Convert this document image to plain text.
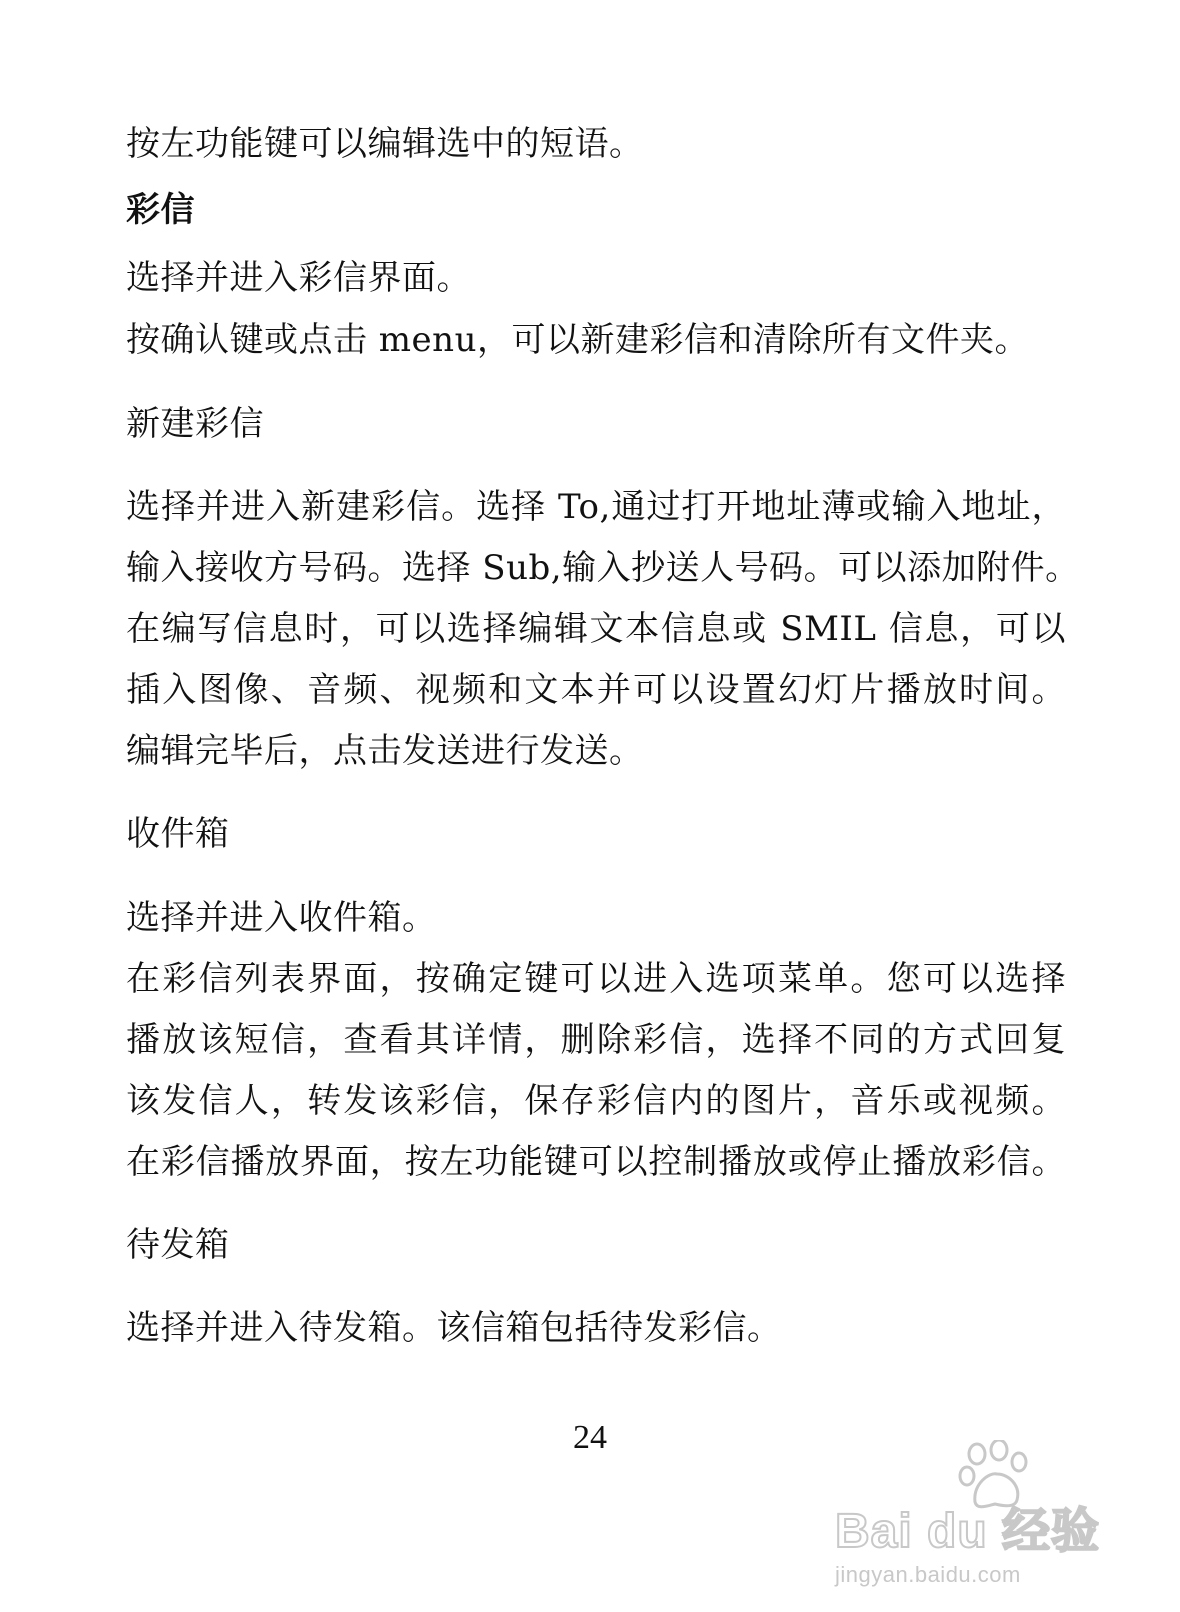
按左功能键可以编辑选中的短语。
彩信
选择并进入彩信界面。
按确认键或点击 menu，可以新建彩信和清除所有文件夹。
新建彩信
选择并进入新建彩信。选择 To,通过打开地址薄或输入地址，
输入接收方号码。选择 Sub,输入抄送人号码。可以添加附件。
在编写信息时，可以选择编辑文本信息或 SMIL 信息，可以
插入图像、音频、视频和文本并可以设置幻灯片播放时间。
编辑完毕后，点击发送进行发送。
收件箱
选择并进入收件箱。
在彩信列表界面，按确定键可以进入选项菜单。您可以选择
播放该短信，查看其详情，删除彩信，选择不同的方式回复
该发信人，转发该彩信，保存彩信内的图片，音乐或视频。
在彩信播放界面，按左功能键可以控制播放或停止播放彩信。
待发箱
选择并进入待发箱。该信箱包括待发彩信。
24
Bai du 经验
jingyan.baidu.com
